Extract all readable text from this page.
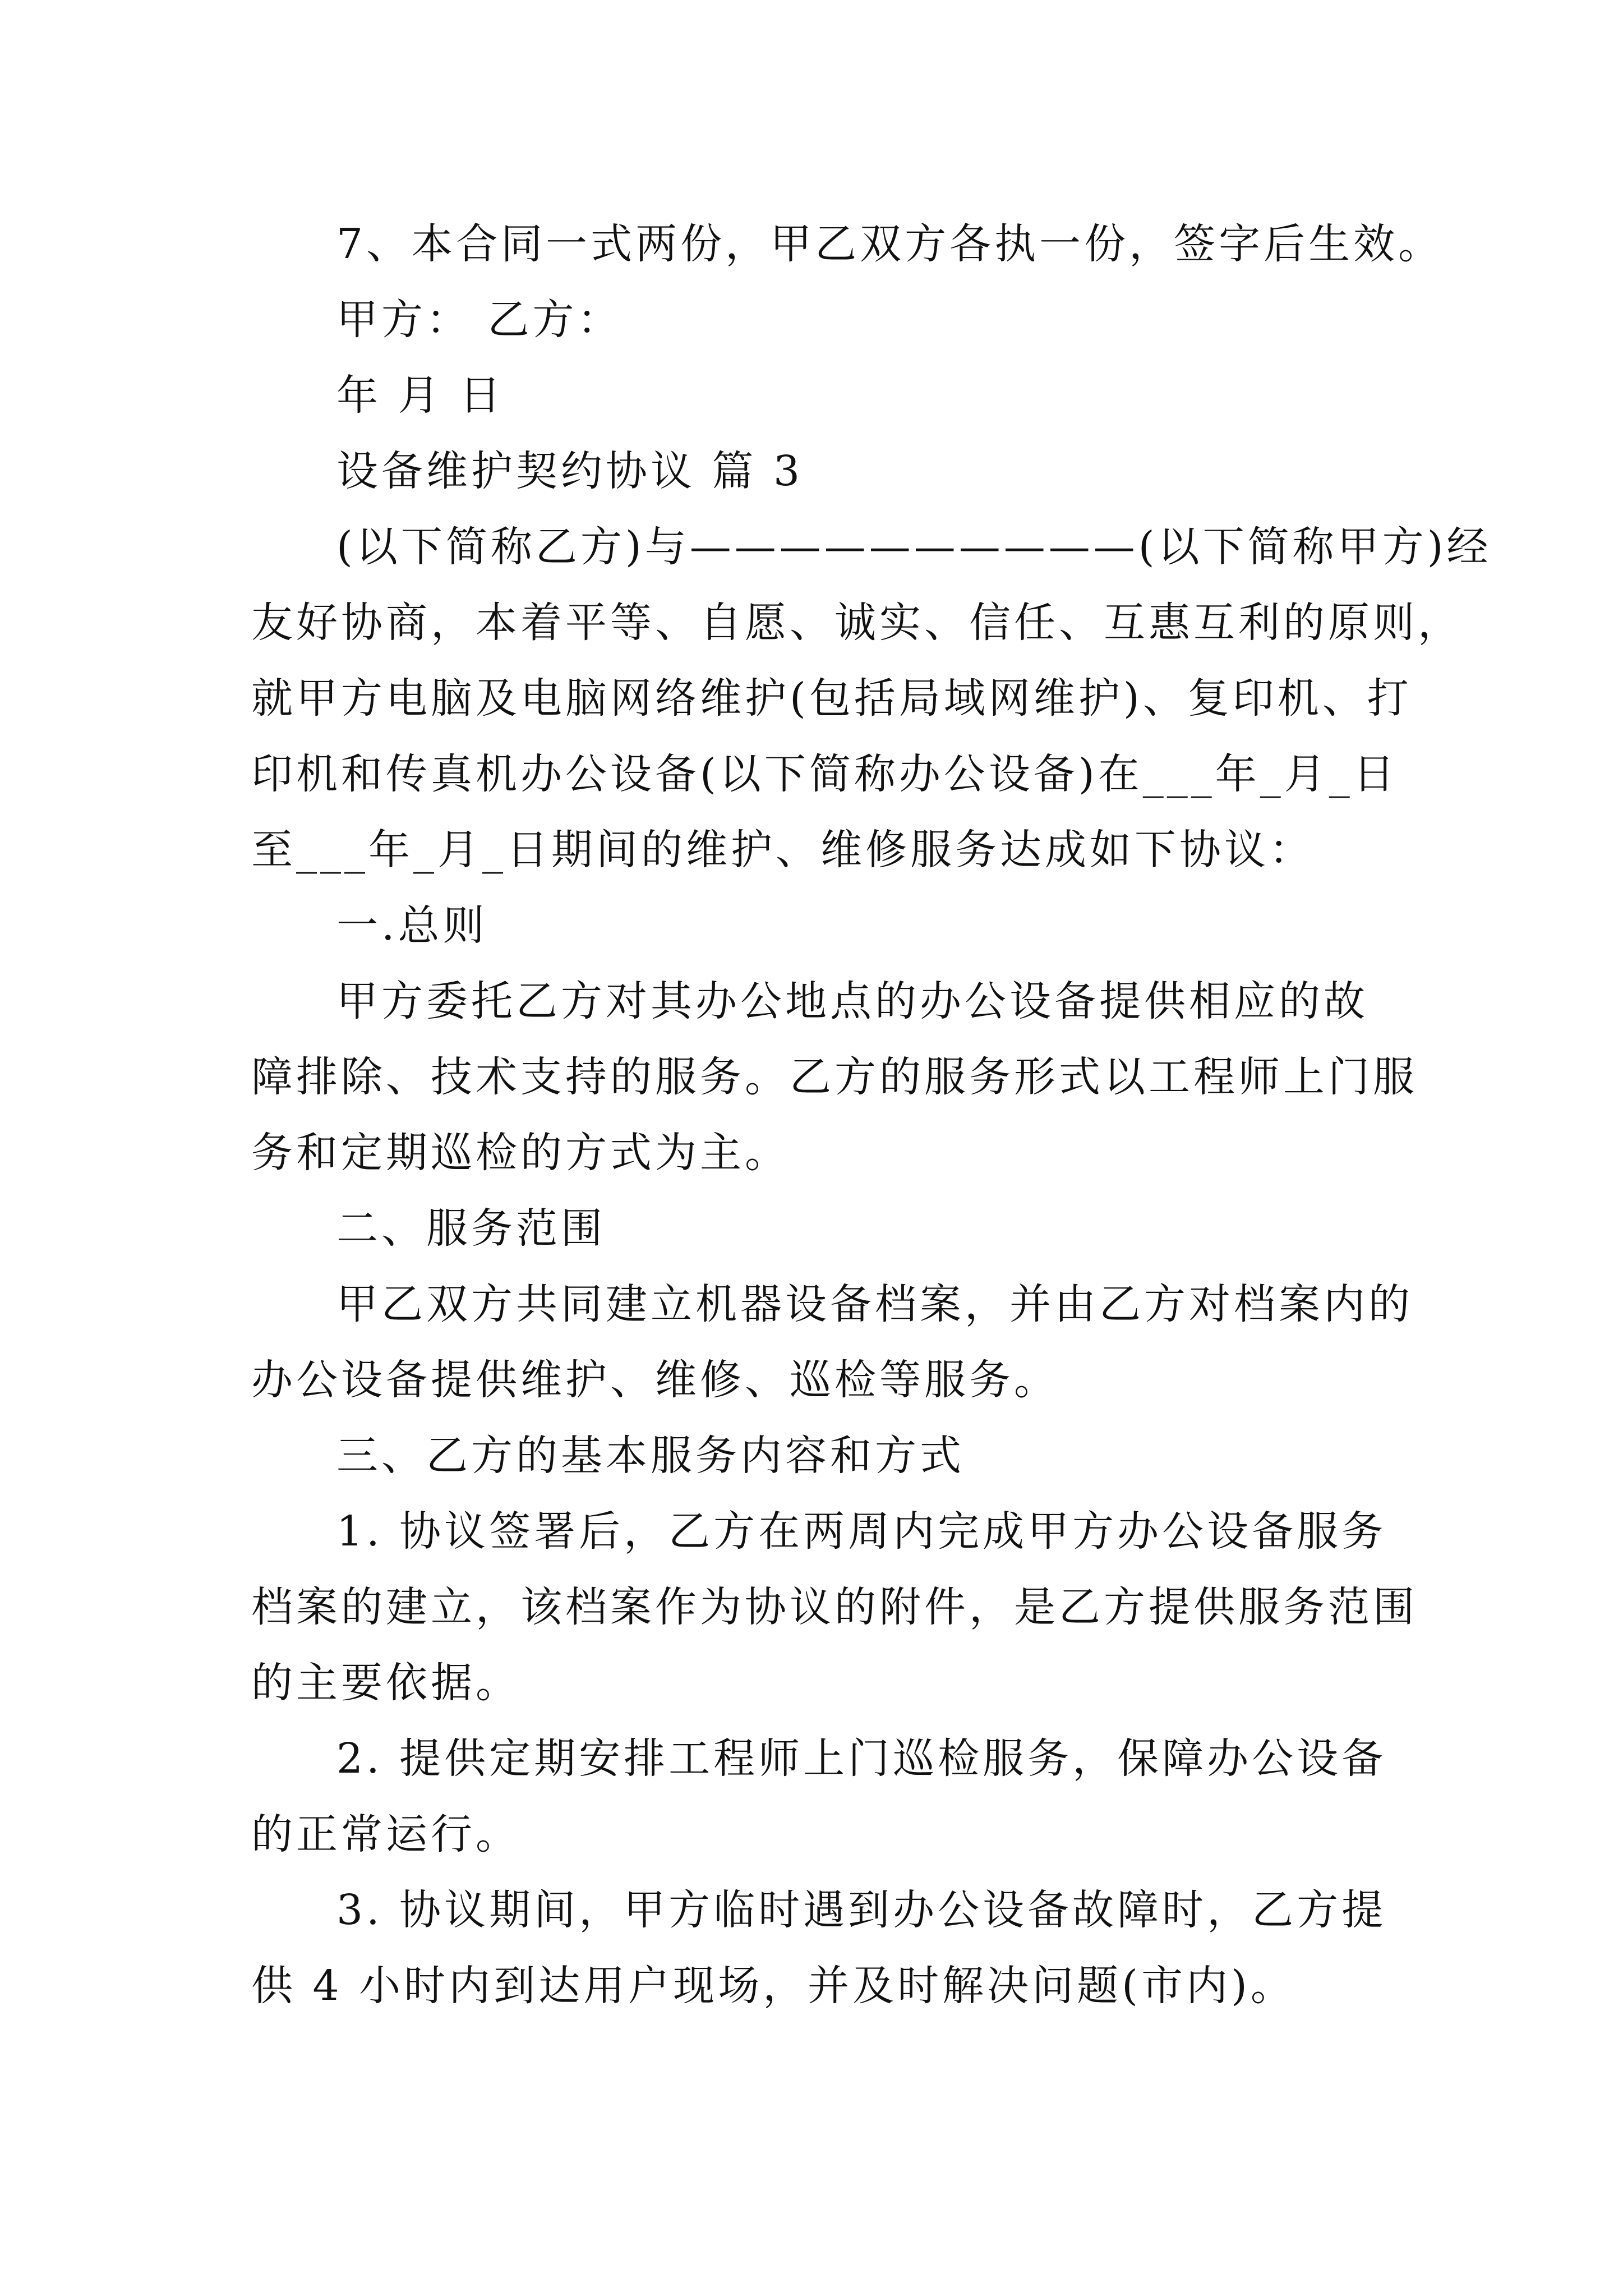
7、本合同一式两份，甲乙双方各执一份，签字后生效。
甲方： 乙方：
年 月 日
设备维护契约协议 篇 3
(以下简称乙方)与——————————(以下简称甲方)经
友好协商，本着平等、自愿、诚实、信任、互惠互利的原则，
就甲方电脑及电脑网络维护(包括局域网维护)、复印机、打
印机和传真机办公设备(以下简称办公设备)在___年_月_日
至___年_月_日期间的维护、维修服务达成如下协议：
一.总则
甲方委托乙方对其办公地点的办公设备提供相应的故
障排除、技术支持的服务。乙方的服务形式以工程师上门服
务和定期巡检的方式为主。
二、服务范围
甲乙双方共同建立机器设备档案，并由乙方对档案内的
办公设备提供维护、维修、巡检等服务。
三、乙方的基本服务内容和方式
1. 协议签署后，乙方在两周内完成甲方办公设备服务
档案的建立，该档案作为协议的附件，是乙方提供服务范围
的主要依据。
2. 提供定期安排工程师上门巡检服务，保障办公设备
的正常运行。
3. 协议期间，甲方临时遇到办公设备故障时，乙方提
供 4 小时内到达用户现场，并及时解决问题(市内)。
